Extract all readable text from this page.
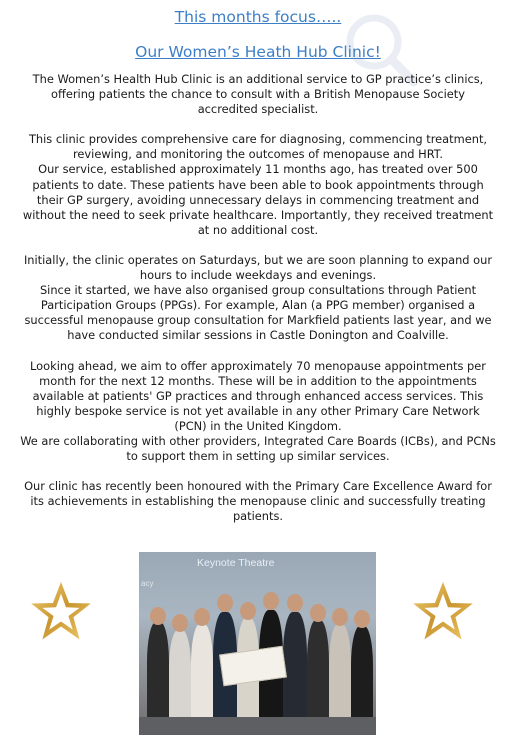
This months focus…..
Our Women’s Heath Hub Clinic!

The Women’s Health Hub Clinic is an additional service to GP practice’s clinics, offering patients the chance to consult with a British Menopause Society accredited specialist.

This clinic provides comprehensive care for diagnosing, commencing treatment, reviewing, and monitoring the outcomes of menopause and HRT.
Our service, established approximately 11 months ago, has treated over 500 patients to date. These patients have been able to book appointments through their GP surgery, avoiding unnecessary delays in commencing treatment and without the need to seek private healthcare. Importantly, they received treatment at no additional cost.

Initially, the clinic operates on Saturdays, but we are soon planning to expand our hours to include weekdays and evenings.
Since it started, we have also organised group consultations through Patient Participation Groups (PPGs). For example, Alan (a PPG member) organised a successful menopause group consultation for Markfield patients last year, and we have conducted similar sessions in Castle Donington and Coalville.

Looking ahead, we aim to offer approximately 70 menopause appointments per month for the next 12 months. These will be in addition to the appointments available at patients' GP practices and through enhanced access services. This highly bespoke service is not yet available in any other Primary Care Network (PCN) in the United Kingdom.
We are collaborating with other providers, Integrated Care Boards (ICBs), and PCNs to support them in setting up similar services.

Our clinic has recently been honoured with the Primary Care Excellence Award for its achievements in establishing the menopause clinic and successfully treating patients.

Keynote Theatre
acy
